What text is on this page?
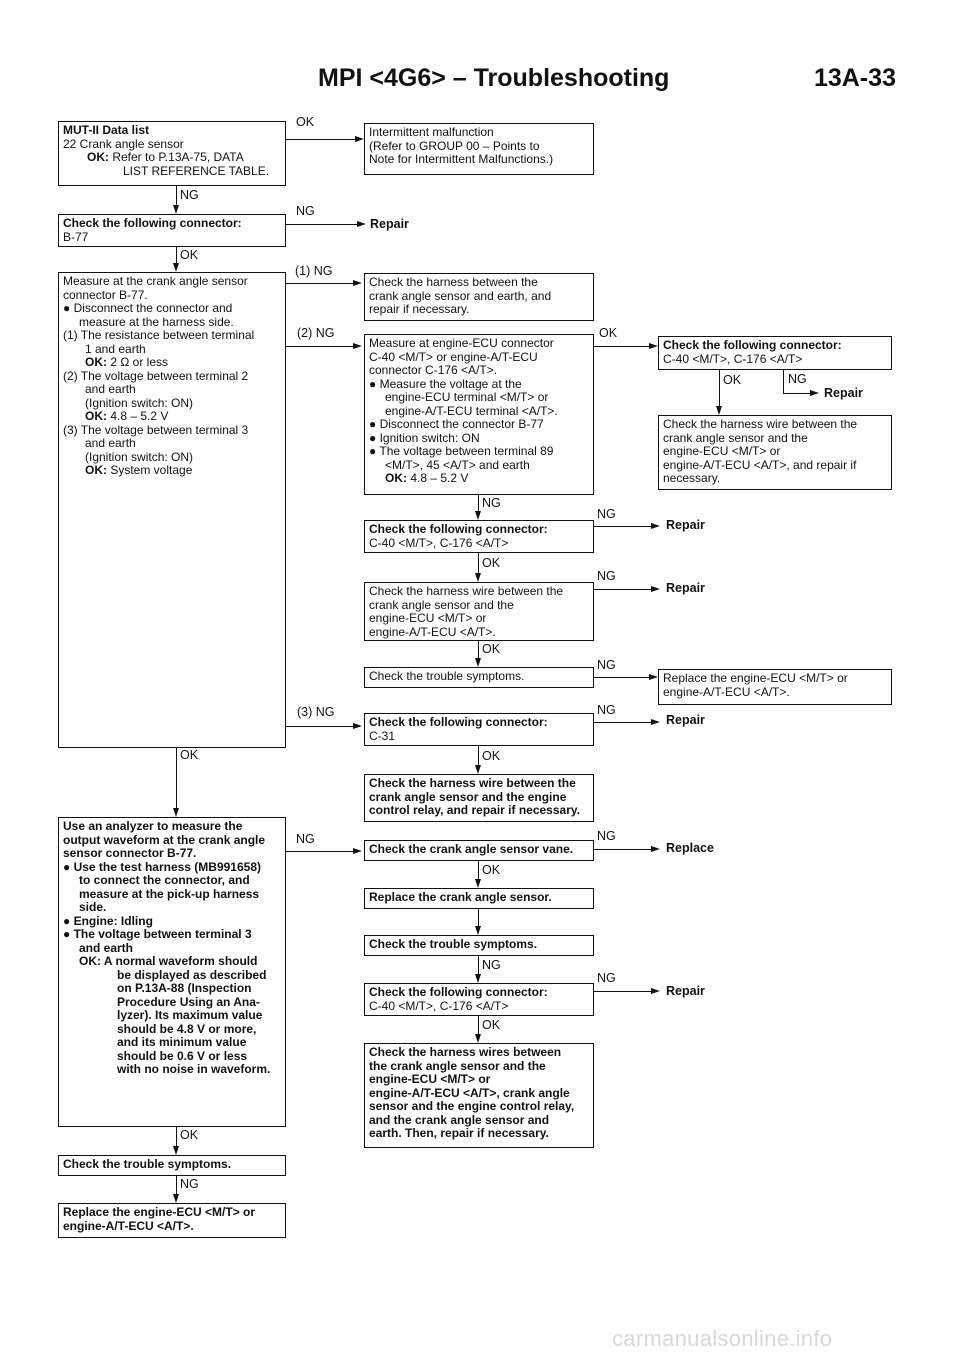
MPI <4G6> – Troubleshooting	13A-33
MUT-II Data list
22 Crank angle sensor
OK: Refer to P.13A-75, DATA
LIST REFERENCE TABLE.
Check the following connector:
B-77
Measure at the crank angle sensor
connector B-77.
● Disconnect the connector and
measure at the harness side.
(1) The resistance between terminal
1 and earth
OK: 2 Ω or less
(2) The voltage between terminal 2
and earth
(Ignition switch: ON)
OK: 4.8 – 5.2 V
(3) The voltage between terminal 3
and earth
(Ignition switch: ON)
OK: System voltage
Use an analyzer to measure the
output waveform at the crank angle
sensor connector B-77.
● Use the test harness (MB991658)
to connect the connector, and
measure at the pick-up harness
side.
● Engine: Idling
● The voltage between terminal 3
and earth
OK: A normal waveform should
be displayed as described
on P.13A-88 (Inspection
Procedure Using an Ana-
lyzer). Its maximum value
should be 4.8 V or more,
and its minimum value
should be 0.6 V or less
with no noise in waveform.
Check the trouble symptoms.
Replace the engine-ECU <M/T> or
engine-A/T-ECU <A/T>.
NG
OK
OK
OK
NG
OK
NG
Repair
(1) NG
(2) NG
(3) NG
NG
Intermittent malfunction
(Refer to GROUP 00 – Points to
Note for Intermittent Malfunctions.)
Check the harness between the
crank angle sensor and earth, and
repair if necessary.
Measure at engine-ECU connector
C-40 <M/T> or engine-A/T-ECU
connector C-176 <A/T>.
● Measure the voltage at the
engine-ECU terminal <M/T> or
engine-A/T-ECU terminal <A/T>.
● Disconnect the connector B-77
● Ignition switch: ON
● The voltage between terminal 89
<M/T>, 45 <A/T> and earth
OK: 4.8 – 5.2 V
Check the following connector:
C-40 <M/T>, C-176 <A/T>
Check the harness wire between the
crank angle sensor and the
engine-ECU <M/T> or
engine-A/T-ECU <A/T>.
Check the trouble symptoms.
Check the following connector:
C-31
Check the harness wire between the
crank angle sensor and the engine
control relay, and repair if necessary.
Check the crank angle sensor vane.
Replace the crank angle sensor.
Check the trouble symptoms.
Check the following connector:
C-40 <M/T>, C-176 <A/T>
Check the harness wires between
the crank angle sensor and the
engine-ECU <M/T> or
engine-A/T-ECU <A/T>, crank angle
sensor and the engine control relay,
and the crank angle sensor and
earth. Then, repair if necessary.
NG
OK
OK
OK
OK
NG
OK
OK
NG
Repair
NG
Repair
NG
NG
Repair
NG
Replace
NG
Repair
Check the following connector:
C-40 <M/T>, C-176 <A/T>
OK	NG
Repair
Check the harness wire between the
crank angle sensor and the
engine-ECU <M/T> or
engine-A/T-ECU <A/T>, and repair if
necessary.
Replace the engine-ECU <M/T> or
engine-A/T-ECU <A/T>.
carmanualsonline.info
